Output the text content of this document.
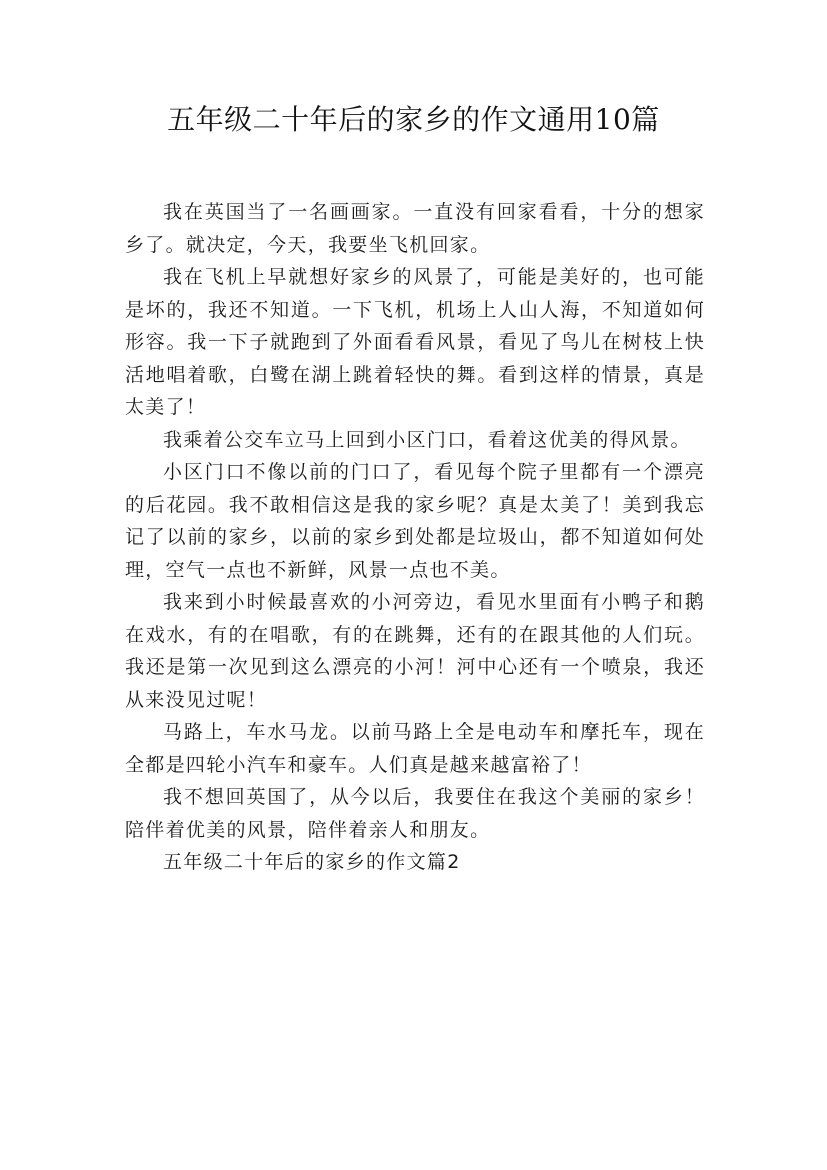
五年级二十年后的家乡的作文通用10篇

我在英国当了一名画画家。一直没有回家看看，十分的想家乡了。就决定，今天，我要坐飞机回家。

我在飞机上早就想好家乡的风景了，可能是美好的，也可能是坏的，我还不知道。一下飞机，机场上人山人海，不知道如何形容。我一下子就跑到了外面看看风景，看见了鸟儿在树枝上快活地唱着歌，白鹭在湖上跳着轻快的舞。看到这样的情景，真是太美了！

我乘着公交车立马上回到小区门口，看着这优美的得风景。

小区门口不像以前的门口了，看见每个院子里都有一个漂亮的后花园。我不敢相信这是我的家乡呢？真是太美了！美到我忘记了以前的家乡，以前的家乡到处都是垃圾山，都不知道如何处理，空气一点也不新鲜，风景一点也不美。

我来到小时候最喜欢的小河旁边，看见水里面有小鸭子和鹅在戏水，有的在唱歌，有的在跳舞，还有的在跟其他的人们玩。我还是第一次见到这么漂亮的小河！河中心还有一个喷泉，我还从来没见过呢！

马路上，车水马龙。以前马路上全是电动车和摩托车，现在全都是四轮小汽车和豪车。人们真是越来越富裕了！

我不想回英国了，从今以后，我要住在我这个美丽的家乡！陪伴着优美的风景，陪伴着亲人和朋友。

五年级二十年后的家乡的作文篇2
